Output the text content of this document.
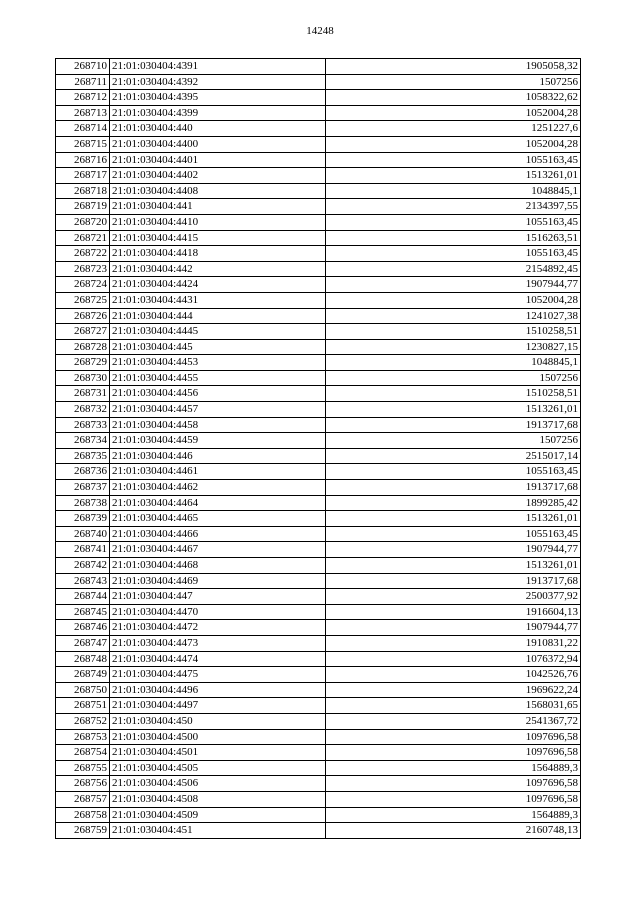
14248
268710	21:01:030404:4391	1905058,32
268711	21:01:030404:4392	1507256
268712	21:01:030404:4395	1058322,62
268713	21:01:030404:4399	1052004,28
268714	21:01:030404:440	1251227,6
268715	21:01:030404:4400	1052004,28
268716	21:01:030404:4401	1055163,45
268717	21:01:030404:4402	1513261,01
268718	21:01:030404:4408	1048845,1
268719	21:01:030404:441	2134397,55
268720	21:01:030404:4410	1055163,45
268721	21:01:030404:4415	1516263,51
268722	21:01:030404:4418	1055163,45
268723	21:01:030404:442	2154892,45
268724	21:01:030404:4424	1907944,77
268725	21:01:030404:4431	1052004,28
268726	21:01:030404:444	1241027,38
268727	21:01:030404:4445	1510258,51
268728	21:01:030404:445	1230827,15
268729	21:01:030404:4453	1048845,1
268730	21:01:030404:4455	1507256
268731	21:01:030404:4456	1510258,51
268732	21:01:030404:4457	1513261,01
268733	21:01:030404:4458	1913717,68
268734	21:01:030404:4459	1507256
268735	21:01:030404:446	2515017,14
268736	21:01:030404:4461	1055163,45
268737	21:01:030404:4462	1913717,68
268738	21:01:030404:4464	1899285,42
268739	21:01:030404:4465	1513261,01
268740	21:01:030404:4466	1055163,45
268741	21:01:030404:4467	1907944,77
268742	21:01:030404:4468	1513261,01
268743	21:01:030404:4469	1913717,68
268744	21:01:030404:447	2500377,92
268745	21:01:030404:4470	1916604,13
268746	21:01:030404:4472	1907944,77
268747	21:01:030404:4473	1910831,22
268748	21:01:030404:4474	1076372,94
268749	21:01:030404:4475	1042526,76
268750	21:01:030404:4496	1969622,24
268751	21:01:030404:4497	1568031,65
268752	21:01:030404:450	2541367,72
268753	21:01:030404:4500	1097696,58
268754	21:01:030404:4501	1097696,58
268755	21:01:030404:4505	1564889,3
268756	21:01:030404:4506	1097696,58
268757	21:01:030404:4508	1097696,58
268758	21:01:030404:4509	1564889,3
268759	21:01:030404:451	2160748,13
